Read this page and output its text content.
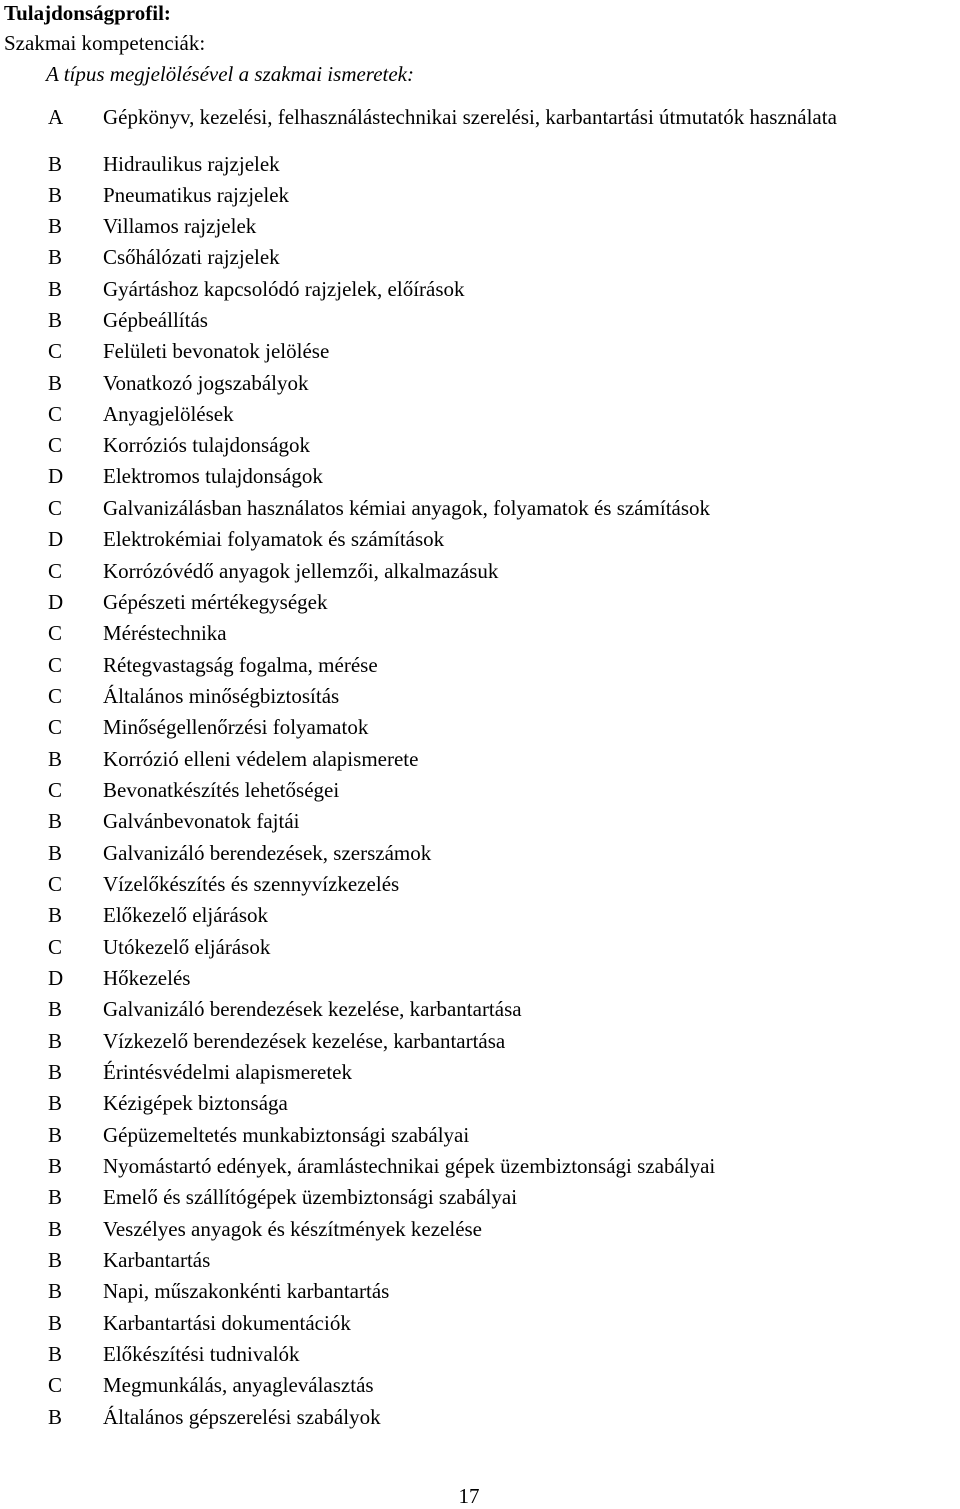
Tulajdonságprofil:
Szakmai kompetenciák:
A típus megjelölésével a szakmai ismeretek:
A	Gépkönyv, kezelési, felhasználástechnikai szerelési, karbantartási útmutatók használata
B	Hidraulikus rajzjelek
B	Pneumatikus rajzjelek
B	Villamos rajzjelek
B	Csőhálózati rajzjelek
B	Gyártáshoz kapcsolódó rajzjelek, előírások
B	Gépbeállítás
C	Felületi bevonatok jelölése
B	Vonatkozó jogszabályok
C	Anyagjelölések
C	Korróziós tulajdonságok
D	Elektromos tulajdonságok
C	Galvanizálásban használatos kémiai anyagok, folyamatok és számítások
D	Elektrokémiai folyamatok és számítások
C	Korrózóvédő anyagok jellemzői, alkalmazásuk
D	Gépészeti mértékegységek
C	Méréstechnika
C	Rétegvastagság fogalma, mérése
C	Általános minőségbiztosítás
C	Minőségellenőrzési folyamatok
B	Korrózió elleni védelem alapismerete
C	Bevonatkészítés lehetőségei
B	Galvánbevonatok fajtái
B	Galvanizáló berendezések, szerszámok
C	Vízelőkészítés és szennyvízkezelés
B	Előkezelő eljárások
C	Utókezelő eljárások
D	Hőkezelés
B	Galvanizáló berendezések kezelése, karbantartása
B	Vízkezelő berendezések kezelése, karbantartása
B	Érintésvédelmi alapismeretek
B	Kézigépek biztonsága
B	Gépüzemeltetés munkabiztonsági szabályai
B	Nyomástartó edények, áramlástechnikai gépek üzembiztonsági szabályai
B	Emelő és szállítógépek üzembiztonsági szabályai
B	Veszélyes anyagok és készítmények kezelése
B	Karbantartás
B	Napi, műszakonkénti karbantartás
B	Karbantartási dokumentációk
B	Előkészítési tudnivalók
C	Megmunkálás, anyagleválasztás
B	Általános gépszerelési szabályok
17
